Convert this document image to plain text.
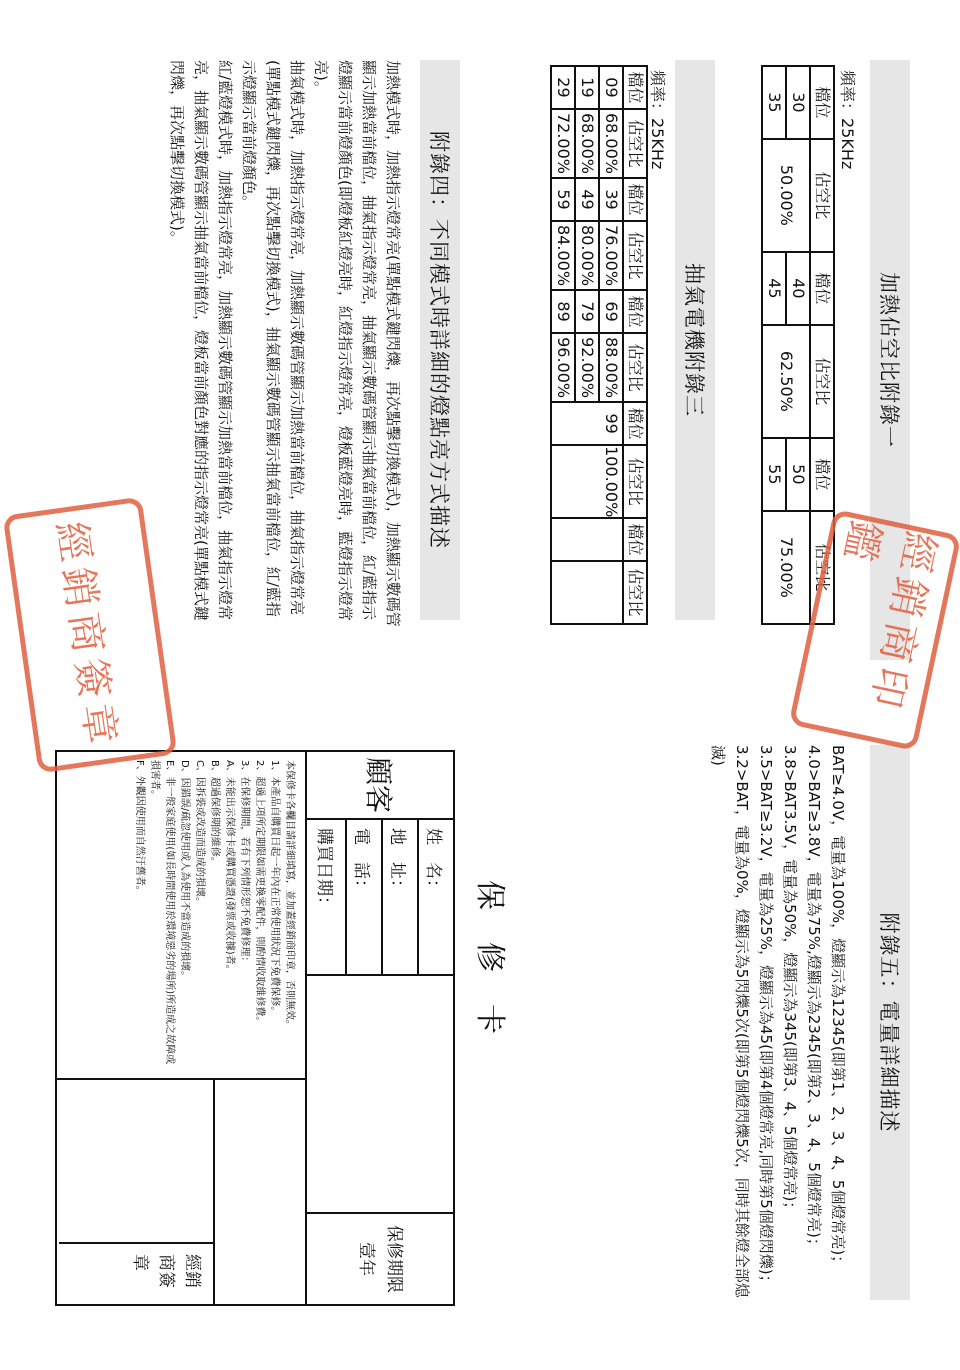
加熱佔空比附錄一
頻率：25KHz
檔位	佔空比	檔位	佔空比	檔位	佔空比
30	50.00%	40	62.50%	50	75.00%
35		45		55	
抽氣電機附錄三
頻率：25KHz
檔位	佔空比	檔位	佔空比	檔位	佔空比	檔位	佔空比	檔位	佔空比
09	68.00%	39	76.00%	69	88.00%	99	100.00%		
19	68.00%	49	80.00%	79	92.00%				
29	72.00%	59	84.00%	89	96.00%				
附錄四：不同模式時詳細的燈點亮方式描述

加熱模式時，加熱指示燈常亮(單點模式鍵閃爍，再次點擊切換模式)，加熱顯示數碼管顯示加熱當前檔位，抽氣指示燈常亮，抽氣顯示數碼管顯示抽氣當前檔位，紅/藍指示燈顯示當前燈顏色(即燈板紅燈亮時，紅燈指示燈常亮，燈板藍燈亮時，藍燈指示燈常亮)。

抽氣模式時，加熱指示燈常亮，加熱顯示數碼管顯示加熱當前檔位，抽氣指示燈常亮(單點模式鍵閃爍，再次點擊切換模式)，抽氣顯示數碼管顯示抽氣當前檔位，紅/藍指示燈顯示當前燈顏色。

紅/藍燈模式時，加熱指示燈常亮，加熱顯示數碼管顯示加熱當前檔位，抽氣指示燈常亮，抽氣顯示數碼管顯示抽氣當前檔位，燈板當前顏色對應的指示燈常亮(單點模式鍵閃爍，再次點擊切換模式)。

附錄五：電量詳細描述

BAT≥4.0V，電量為100%，燈顯示為12345(即第1、2、3、4、5個燈常亮)；

4.0>BAT≥3.8V，電量為75%,燈顯示為2345(即第2、3、4、5個燈常亮)；

3.8>BAT3.5V，電量為50%，燈顯示為345(即第3、4、5個燈常亮)；

3.5>BAT≥3.2V，電量為25%，燈顯示為45(即第4個燈常亮,同時第5個燈閃爍)；

3.2>BAT，電量為0%，燈顯示為5閃爍5次(即第5個燈閃爍5次，同時其餘燈全部熄滅)

保修卡
顧客
姓　名：
地　址：
電　話：
購買日期：
保修期限
壹年

本保修卡各欄目請詳細填寫，並加蓋經銷商印章，否則無效。

1、本產品自購買日起一年內在正常使用狀況下免費保修。

2、超過上項所定期限如需更換零配件，則酌情收取維修費。

3、在保修期間，若有下列情形恕不免費修理：

A、未能出示保修卡或購買憑證(發票或收據)者。

B、超過保修期的維修。

C、因拆裝或改造而造成的損壞。

D、因錯誤/疏忽使用或人為使用不當造成的損壞。

E、非一般家庭使用(如長時間使用於環境惡劣的場所)所造成之故障或損害者。

F、外觀因使用而自然汙舊者。

經銷商簽章
經銷商印鑑
經銷商簽章
